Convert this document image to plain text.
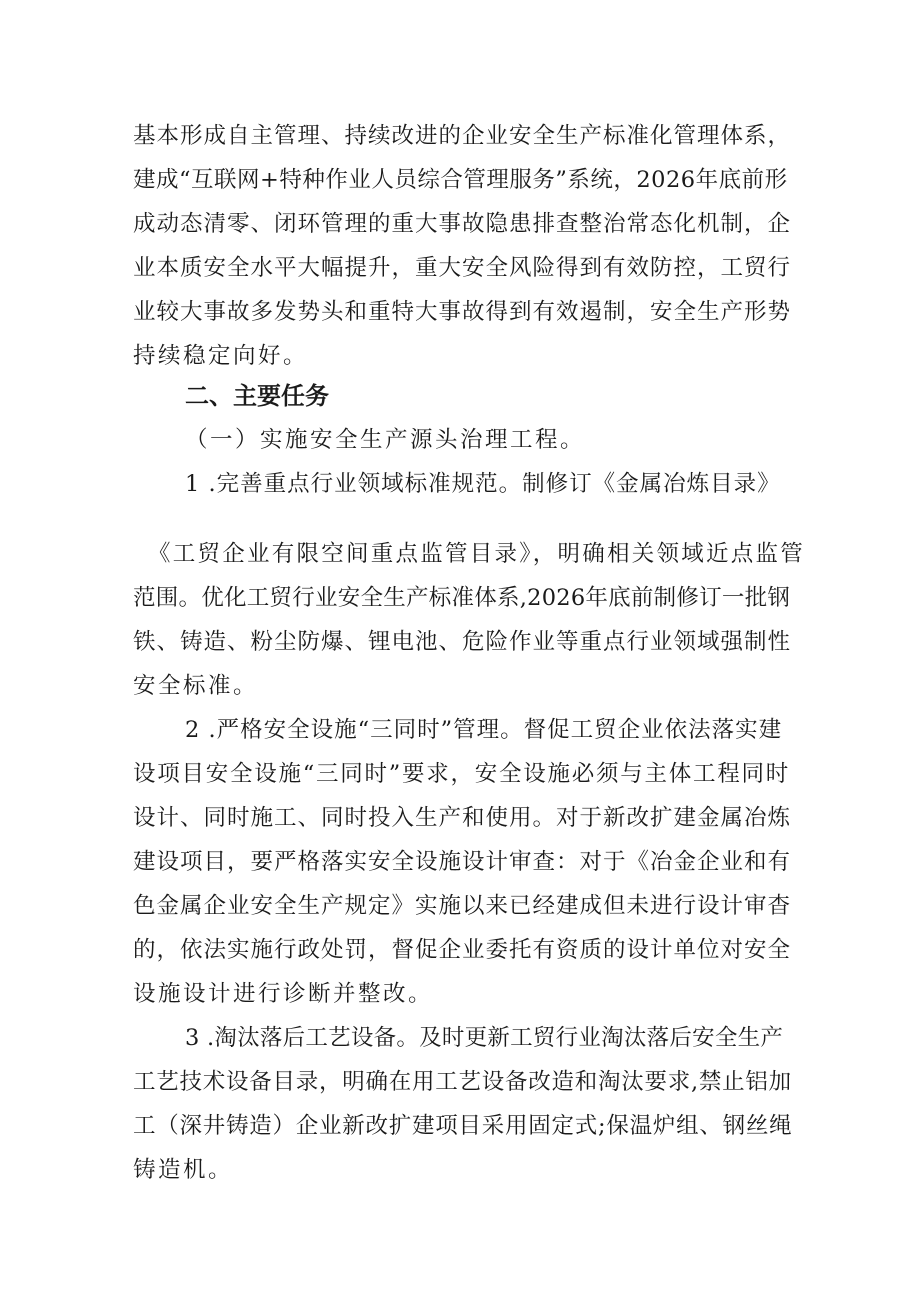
基本形成自主管理、持续改进的企业安全生产标准化管理体系，
建成“互联网+特种作业人员综合管理服务”系统，2026年底前形
成动态清零、闭环管理的重大事故隐患排查整治常态化机制，企
业本质安全水平大幅提升，重大安全风险得到有效防控，工贸行
业较大事故多发势头和重特大事故得到有效遏制，安全生产形势
持续稳定向好。
二、主要任务
（一）实施安全生产源头治理工程。
1 .完善重点行业领域标准规范。制修订《金属冶炼目录》
《工贸企业有限空间重点监管目录》，明确相关领域近点监管
范围。优化工贸行业安全生产标准体系,2026年底前制修订一批钢
铁、铸造、粉尘防爆、锂电池、危险作业等重点行业领域强制性
安全标准。
2 .严格安全设施“三同时”管理。督促工贸企业依法落实建
设项目安全设施“三同时”要求，安全设施必须与主体工程同时
设计、同时施工、同时投入生产和使用。对于新改扩建金属冶炼
建设项目，要严格落实安全设施设计审查：对于《冶金企业和有
色金属企业安全生产规定》实施以来已经建成但未进行设计审杳
的，依法实施行政处罚，督促企业委托有资质的设计单位对安全
设施设计进行诊断并整改。
3 .淘汰落后工艺设备。及时更新工贸行业淘汰落后安全生产
工艺技术设备目录，明确在用工艺设备改造和淘汰要求,禁止铝加
工（深井铸造）企业新改扩建项目采用固定式;保温炉组、钢丝绳
铸造机。
